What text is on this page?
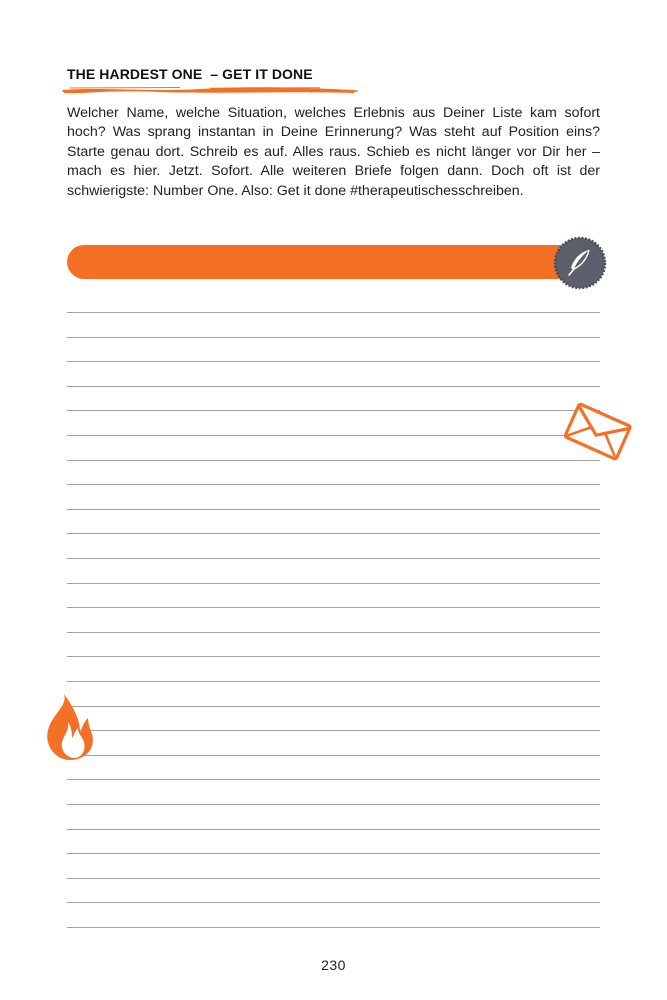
THE HARDEST ONE  – GET IT DONE
Welcher Name, welche Situation, welches Erlebnis aus Deiner Liste kam sofort hoch? Was sprang instantan in Deine Erinnerung? Was steht auf Position eins? Starte genau dort. Schreib es auf. Alles raus. Schieb es nicht länger vor Dir her – mach es hier. Jetzt. Sofort. Alle weiteren Briefe folgen dann. Doch oft ist der schwierigste: Number One. Also: Get it done #therapeutischesschreiben.
BRIEF NUMBER ONE
230
